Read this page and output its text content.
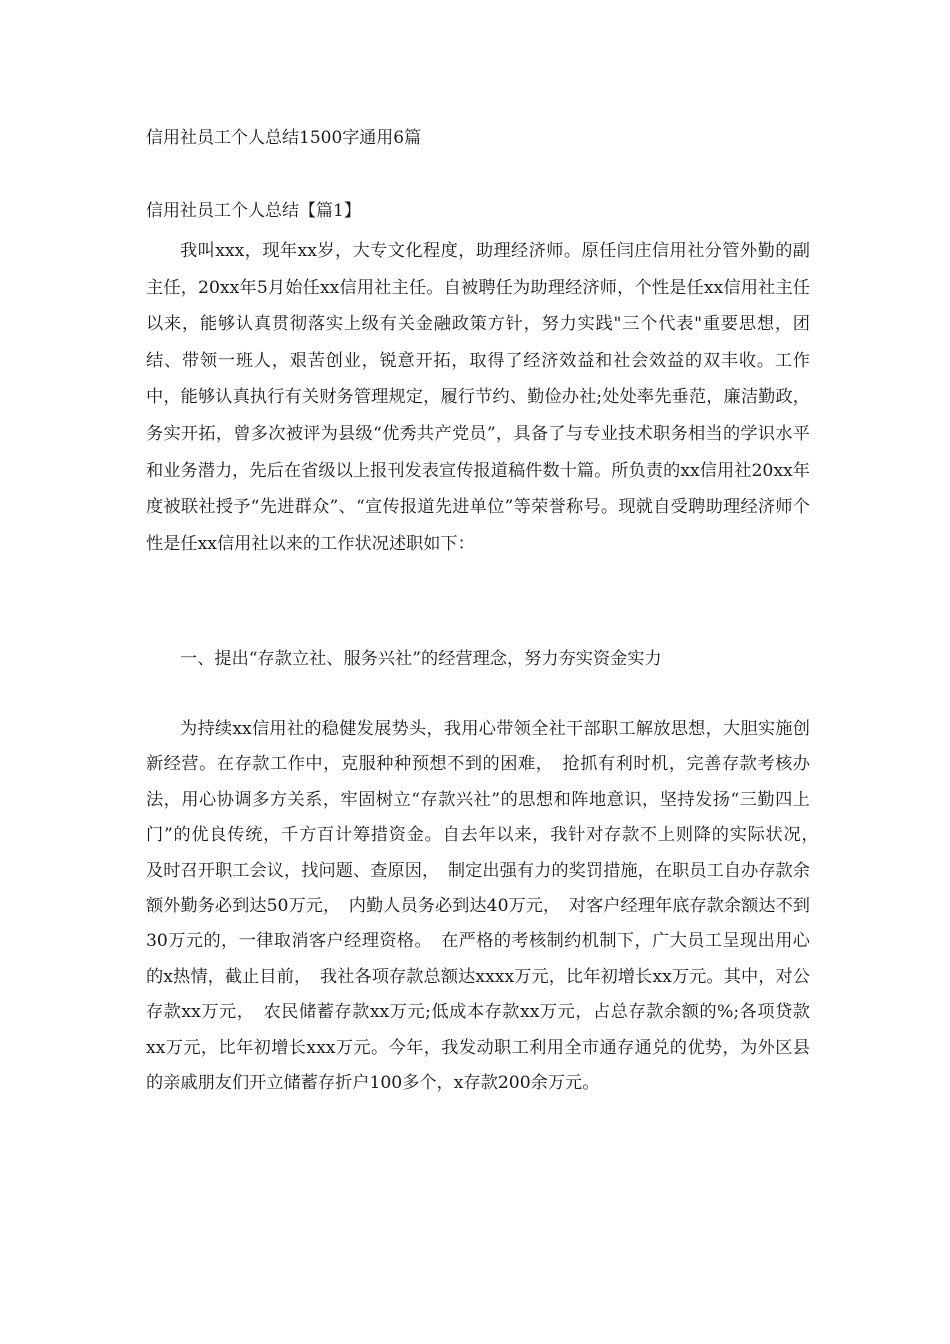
信用社员工个人总结1500字通用6篇
信用社员工个人总结【篇1】

我叫xxx，现年xx岁，大专文化程度，助理经济师。原任闫庄信用社分管外勤的副主任，20xx年5月始任xx信用社主任。自被聘任为助理经济师，个性是任xx信用社主任以来，能够认真贯彻落实上级有关金融政策方针，努力实践"三个代表"重要思想，团结、带领一班人，艰苦创业，锐意开拓，取得了经济效益和社会效益的双丰收。工作中，能够认真执行有关财务管理规定，履行节约、勤俭办社;处处率先垂范，廉洁勤政，务实开拓，曾多次被评为县级“优秀共产党员”，具备了与专业技术职务相当的学识水平和业务潜力，先后在省级以上报刊发表宣传报道稿件数十篇。所负责的xx信用社20xx年度被联社授予“先进群众”、“宣传报道先进单位”等荣誉称号。现就自受聘助理经济师个性是任xx信用社以来的工作状况述职如下：

一、提出“存款立社、服务兴社”的经营理念，努力夯实资金实力

为持续xx信用社的稳健发展势头，我用心带领全社干部职工解放思想，大胆实施创新经营。在存款工作中，克服种种预想不到的困难，　抢抓有利时机，完善存款考核办法，用心协调多方关系，牢固树立“存款兴社”的思想和阵地意识，坚持发扬“三勤四上门”的优良传统，千方百计筹措资金。自去年以来，我针对存款不上则降的实际状况，　及时召开职工会议，找问题、查原因，　制定出强有力的奖罚措施，在职员工自办存款余额外勤务必到达50万元，　内勤人员务必到达40万元，　对客户经理年底存款余额达不到30万元的，一律取消客户经理资格。　在严格的考核制约机制下，广大员工呈现出用心的x热情，截止目前，　我社各项存款总额达xxxx万元，比年初增长xx万元。其中，对公存款xx万元，　农民储蓄存款xx万元;低成本存款xx万元，占总存款余额的%;各项贷款xx万元，比年初增长xxx万元。今年，我发动职工利用全市通存通兑的优势，为外区县的亲戚朋友们开立储蓄存折户100多个，x存款200余万元。
